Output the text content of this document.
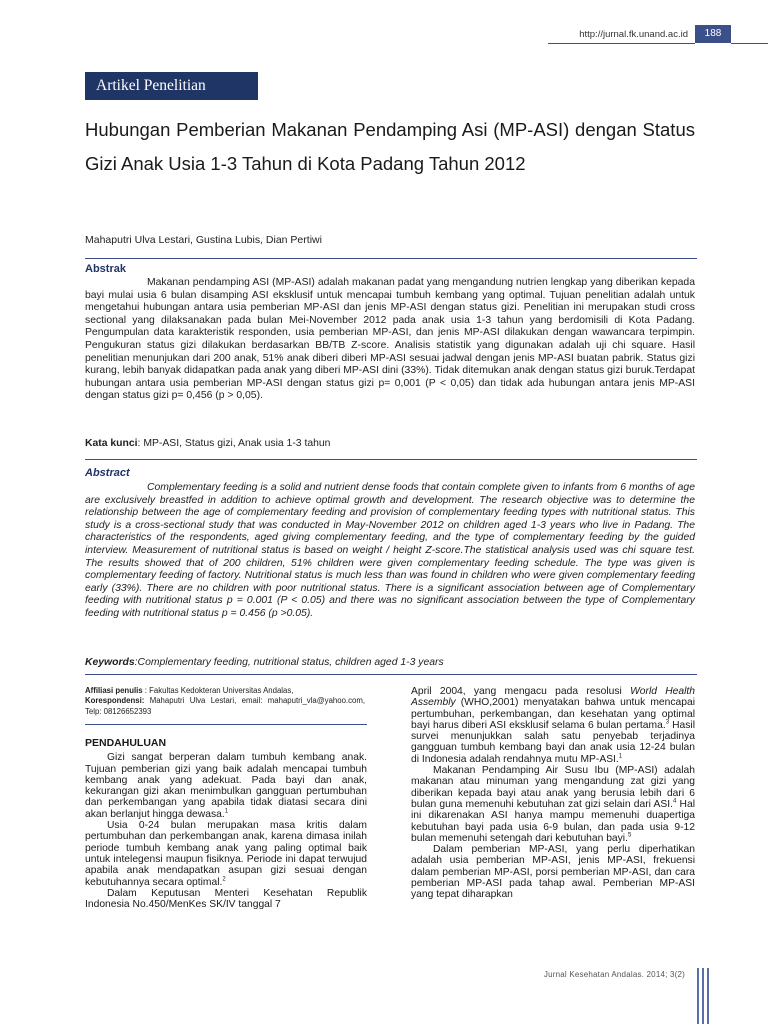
http://jurnal.fk.unand.ac.id	188
Artikel Penelitian
Hubungan Pemberian Makanan Pendamping Asi (MP-ASI) dengan Status Gizi Anak Usia 1-3 Tahun di Kota Padang Tahun 2012
Mahaputri Ulva Lestari, Gustina Lubis, Dian Pertiwi
Abstrak

Makanan pendamping ASI (MP-ASI) adalah makanan padat yang mengandung nutrien lengkap yang diberikan kepada bayi mulai usia 6 bulan disamping ASI eksklusif untuk mencapai tumbuh kembang yang optimal. Tujuan penelitian adalah untuk mengetahui hubungan antara usia pemberian MP-ASI dan jenis MP-ASI dengan status gizi. Penelitian ini merupakan studi cross sectional yang dilaksanakan pada bulan Mei-November 2012 pada anak usia 1-3 tahun yang berdomisili di Kota Padang. Pengumpulan data karakteristik responden, usia pemberian MP-ASI, dan jenis MP-ASI dilakukan dengan wawancara terpimpin. Pengukuran status gizi dilakukan berdasarkan BB/TB Z-score. Analisis statistik yang digunakan adalah uji chi square. Hasil penelitian menunjukan dari 200 anak, 51% anak diberi diberi MP-ASI sesuai jadwal dengan jenis MP-ASI buatan pabrik. Status gizi kurang, lebih banyak didapatkan pada anak yang diberi MP-ASI dini (33%). Tidak ditemukan anak dengan status gizi buruk.Terdapat hubungan antara usia pemberian MP-ASI dengan status gizi p= 0,001 (P < 0,05) dan tidak ada hubungan antara jenis MP-ASI dengan status gizi p= 0,456 (p > 0,05).

Kata kunci: MP-ASI, Status gizi, Anak usia 1-3 tahun

Abstract

Complementary feeding is a solid and nutrient dense foods that contain complete given to infants from 6 months of age are exclusively breastfed in addition to achieve optimal growth and development. The research objective was to determine the relationship between the age of complementary feeding and provision of complementary feeding types with nutritional status. This study is a cross-sectional study that was conducted in May-November 2012 on children aged 1-3 years who live in Padang. The characteristics of the respondents, aged giving complementary feeding, and the type of complementary feeding by the guided interview. Measurement of nutritional status is based on weight / height Z-score.The statistical analysis used was chi square test. The results showed that of 200 children, 51% children were given complementary feeding schedule. The type was given is complementary feeding of factory. Nutritional status is much less than was found in children who were given complementary feeding early (33%). There are no children with poor nutritional status. There is a significant association between age of Complementary feeding with nutritional status p = 0.001 (P < 0.05) and there was no significant association between the type of Complementary feeding with nutritional status p = 0.456 (p >0.05).

Keywords:Complementary feeding, nutritional status, children aged 1-3 years

Affiliasi penulis : Fakultas Kedokteran Universitas Andalas,
Korespondensi: Mahaputri Ulva Lestari, email: mahaputri_vla@yahoo.com, Telp: 08126652393

PENDAHULUAN

Gizi sangat berperan dalam tumbuh kembang anak. Tujuan pemberian gizi yang baik adalah mencapai tumbuh kembang anak yang adekuat. Pada bayi dan anak, kekurangan gizi akan menimbulkan gangguan pertumbuhan dan perkembangan yang apabila tidak diatasi secara dini akan berlanjut hingga dewasa.$^1$

Usia 0-24 bulan merupakan masa kritis dalam pertumbuhan dan perkembangan anak, karena dimasa inilah periode tumbuh kembang anak yang paling optimal baik untuk intelegensi maupun fisiknya. Periode ini dapat terwujud apabila anak mendapatkan asupan gizi sesuai dengan kebutuhannya secara optimal.$^2$

Dalam Keputusan Menteri Kesehatan Republik Indonesia No.450/MenKes SK/IV tanggal 7

April 2004, yang mengacu pada resolusi World Health Assembly (WHO,2001) menyatakan bahwa untuk mencapai pertumbuhan, perkembangan, dan kesehatan yang optimal bayi harus diberi ASI eksklusif selama 6 bulan pertama.$^3$ Hasil survei menunjukkan salah satu penyebab terjadinya gangguan tumbuh kembang bayi dan anak usia 12-24 bulan di Indonesia adalah rendahnya mutu MP-ASI.$^1$

Makanan Pendamping Air Susu Ibu (MP-ASI) adalah makanan atau minuman yang mengandung zat gizi yang diberikan kepada bayi atau anak yang berusia lebih dari 6 bulan guna memenuhi kebutuhan zat gizi selain dari ASI.$^4$ Hal ini dikarenakan ASI hanya mampu memenuhi duapertiga kebutuhan bayi pada usia 6-9 bulan, dan pada usia 9-12 bulan memenuhi setengah dari kebutuhan bayi.$^5$

Dalam pemberian MP-ASI, yang perlu diperhatikan adalah usia pemberian MP-ASI, jenis MP-ASI, frekuensi dalam pemberian MP-ASI, porsi pemberian MP-ASI, dan cara pemberian MP-ASI pada tahap awal. Pemberian MP-ASI yang tepat diharapkan

Jurnal Kesehatan Andalas. 2014; 3(2)
